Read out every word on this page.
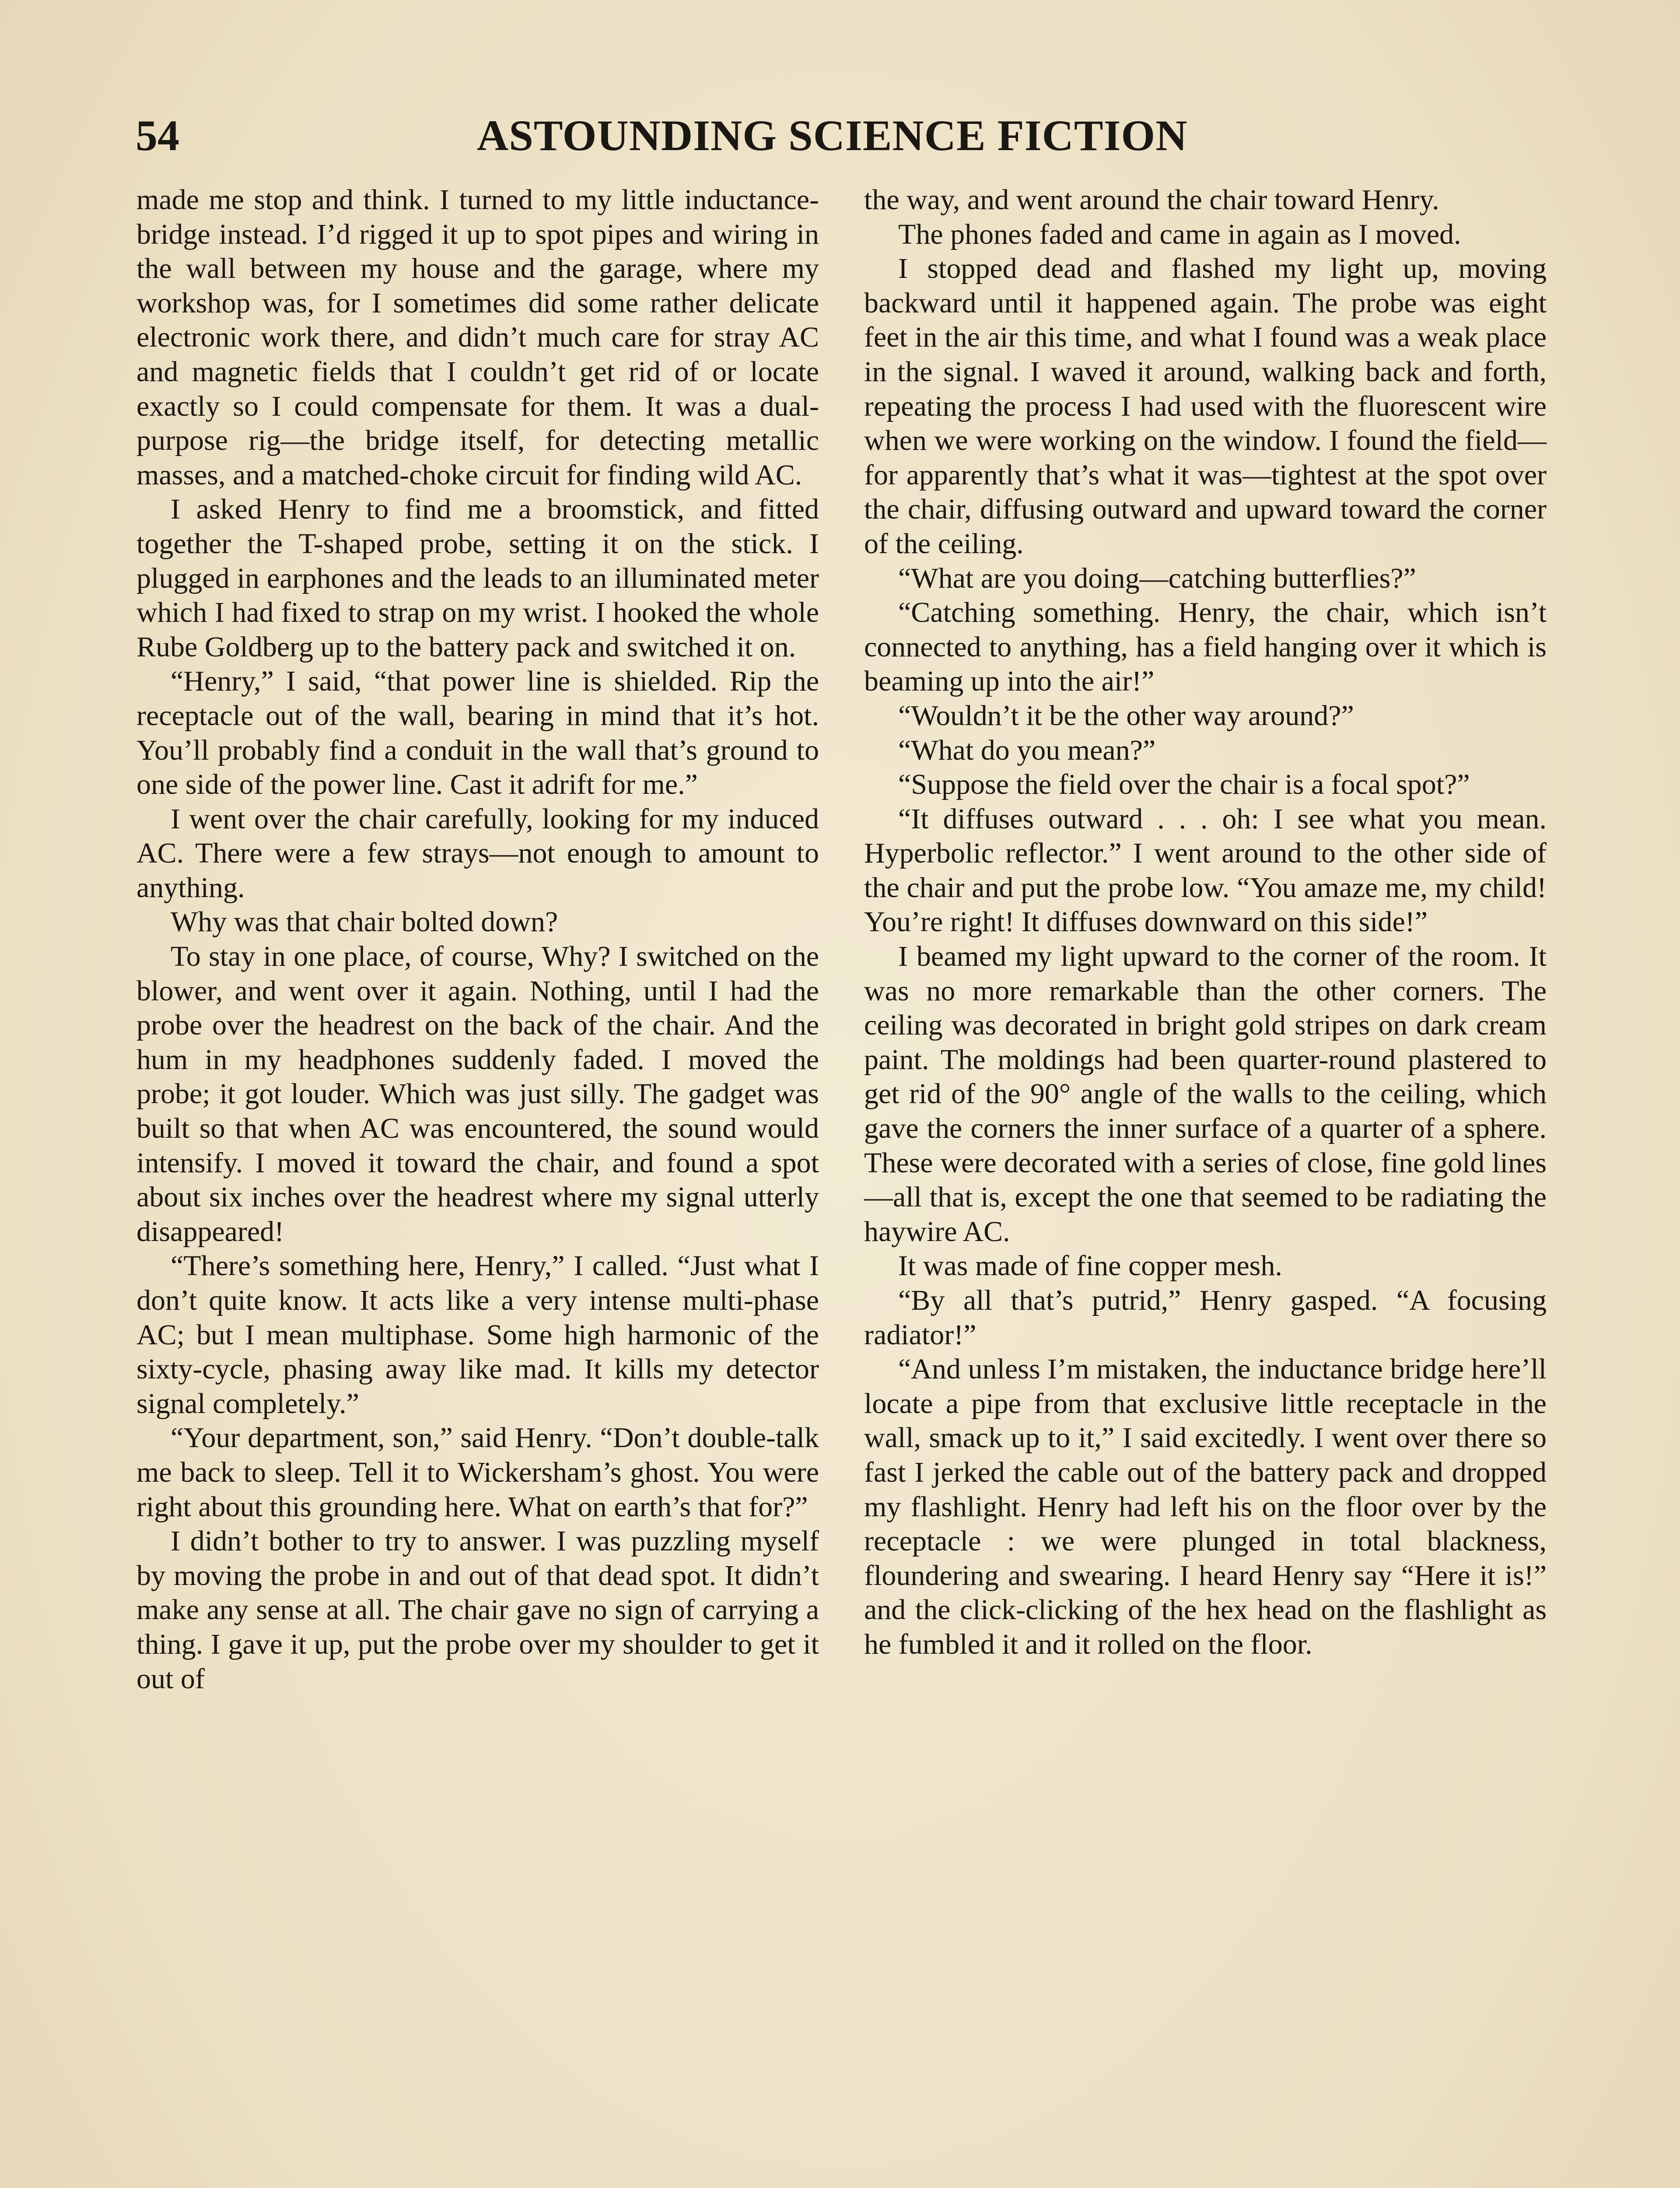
54	ASTOUNDING SCIENCE FICTION

made me stop and think. I turned to my little inductance-bridge instead. I’d rigged it up to spot pipes and wiring in the wall between my house and the garage, where my workshop was, for I sometimes did some rather delicate electronic work there, and didn’t much care for stray AC and magnetic fields that I couldn’t get rid of or locate exactly so I could compensate for them. It was a dual-purpose rig—the bridge itself, for detecting metallic masses, and a matched-choke circuit for finding wild AC.

I asked Henry to find me a broomstick, and fitted together the T-shaped probe, setting it on the stick. I plugged in earphones and the leads to an illuminated meter which I had fixed to strap on my wrist. I hooked the whole Rube Goldberg up to the battery pack and switched it on.

“Henry,” I said, “that power line is shielded. Rip the receptacle out of the wall, bearing in mind that it’s hot. You’ll probably find a conduit in the wall that’s ground to one side of the power line. Cast it adrift for me.”

I went over the chair carefully, looking for my induced AC. There were a few strays—not enough to amount to anything.

Why was that chair bolted down?

To stay in one place, of course, Why? I switched on the blower, and went over it again. Nothing, until I had the probe over the headrest on the back of the chair. And the hum in my headphones suddenly faded. I moved the probe; it got louder. Which was just silly. The gadget was built so that when AC was encountered, the sound would intensify. I moved it toward the chair, and found a spot about six inches over the headrest where my signal utterly disappeared!

“There’s something here, Henry,” I called. “Just what I don’t quite know. It acts like a very intense multi-phase AC; but I mean multiphase. Some high harmonic of the sixty-cycle, phasing away like mad. It kills my detector signal completely.”

“Your department, son,” said Henry. “Don’t double-talk me back to sleep. Tell it to Wickersham’s ghost. You were right about this grounding here. What on earth’s that for?”

I didn’t bother to try to answer. I was puzzling myself by moving the probe in and out of that dead spot. It didn’t make any sense at all. The chair gave no sign of carrying a thing. I gave it up, put the probe over my shoulder to get it out of

the way, and went around the chair toward Henry.

The phones faded and came in again as I moved.

I stopped dead and flashed my light up, moving backward until it happened again. The probe was eight feet in the air this time, and what I found was a weak place in the signal. I waved it around, walking back and forth, repeating the process I had used with the fluorescent wire when we were working on the window. I found the field—for apparently that’s what it was—tightest at the spot over the chair, diffusing outward and upward toward the corner of the ceiling.

“What are you doing—catching butterflies?”

“Catching something. Henry, the chair, which isn’t connected to anything, has a field hanging over it which is beaming up into the air!”

“Wouldn’t it be the other way around?”

“What do you mean?”

“Suppose the field over the chair is a focal spot?”

“It diffuses outward . . . oh: I see what you mean. Hyperbolic reflector.” I went around to the other side of the chair and put the probe low. “You amaze me, my child! You’re right! It diffuses downward on this side!”

I beamed my light upward to the corner of the room. It was no more remarkable than the other corners. The ceiling was decorated in bright gold stripes on dark cream paint. The moldings had been quarter-round plastered to get rid of the 90° angle of the walls to the ceiling, which gave the corners the inner surface of a quarter of a sphere. These were decorated with a series of close, fine gold lines—all that is, except the one that seemed to be radiating the haywire AC.

It was made of fine copper mesh.

“By all that’s putrid,” Henry gasped. “A focusing radiator!”

“And unless I’m mistaken, the inductance bridge here’ll locate a pipe from that exclusive little receptacle in the wall, smack up to it,” I said excitedly. I went over there so fast I jerked the cable out of the battery pack and dropped my flashlight. Henry had left his on the floor over by the receptacle : we were plunged in total blackness, floundering and swearing. I heard Henry say “Here it is!” and the click-clicking of the hex head on the flashlight as he fumbled it and it rolled on the floor.
